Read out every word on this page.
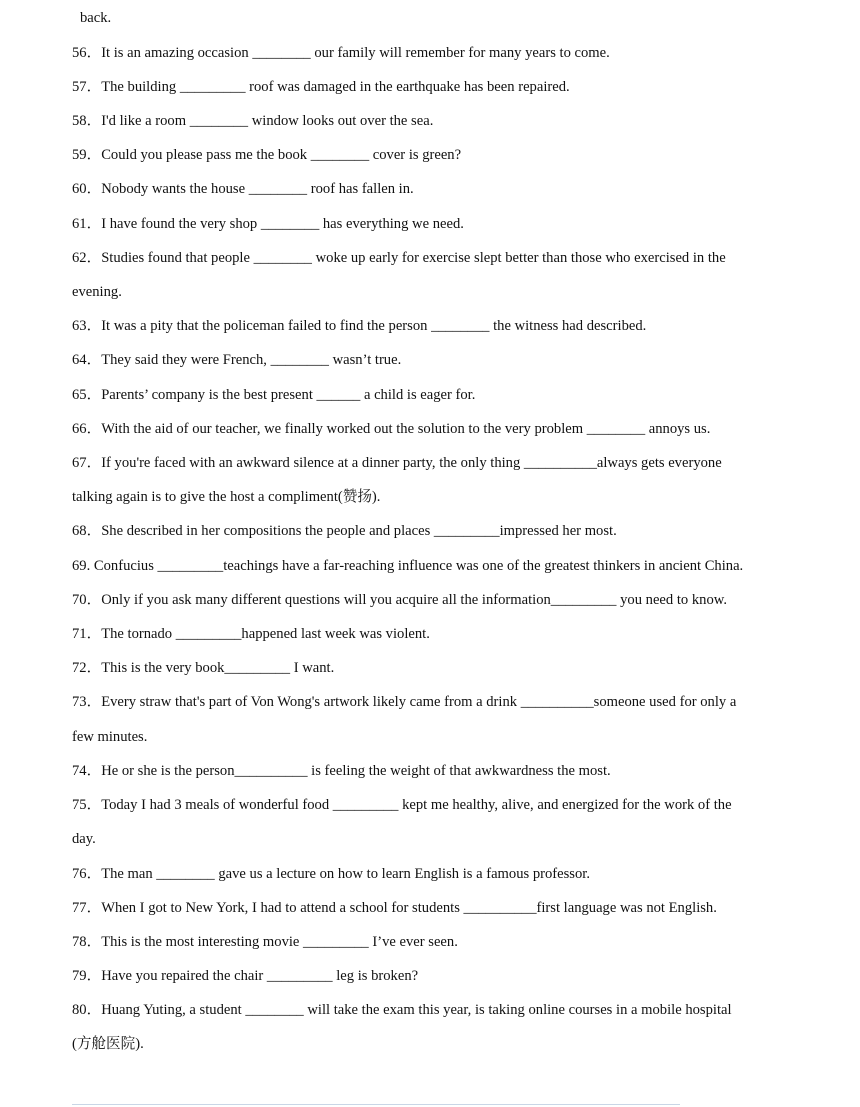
back.
56．It is an amazing occasion ________ our family will remember for many years to come.
57．The building _________ roof was damaged in the earthquake has been repaired.
58．I'd like a room ________ window looks out over the sea.
59．Could you please pass me the book ________ cover is green?
60．Nobody wants the house ________ roof has fallen in.
61．I have found the very shop ________ has everything we need.
62．Studies found that people ________ woke up early for exercise slept better than those who exercised in the
evening.
63．It was a pity that the policeman failed to find the person ________ the witness had described.
64．They said they were French, ________ wasn’t true.
65．Parents’ company is the best present ______ a child is eager for.
66．With the aid of our teacher, we finally worked out the solution to the very problem ________ annoys us.
67．If you're faced with an awkward silence at a dinner party, the only thing __________always gets everyone
talking again is to give the host a compliment(赞扬).
68．She described in her compositions the people and places _________impressed her most.
69. Confucius _________teachings have a far-reaching influence was one of the greatest thinkers in ancient China.
70．Only if you ask many different questions will you acquire all the information_________ you need to know.
71．The tornado _________happened last week was violent.
72．This is the very book_________ I want.
73．Every straw that's part of Von Wong's artwork likely came from a drink __________someone used for only a
few minutes.
74．He or she is the person__________ is feeling the weight of that awkwardness the most.
75．Today I had 3 meals of wonderful food _________ kept me healthy, alive, and energized for the work of the
day.
76．The man ________ gave us a lecture on how to learn English is a famous professor.
77．When I got to New York, I had to attend a school for students __________first language was not English.
78．This is the most interesting movie _________ I’ve ever seen.
79．Have you repaired the chair _________ leg is broken?
80．Huang Yuting, a student ________ will take the exam this year, is taking online courses in a mobile hospital
(方舱医院).
